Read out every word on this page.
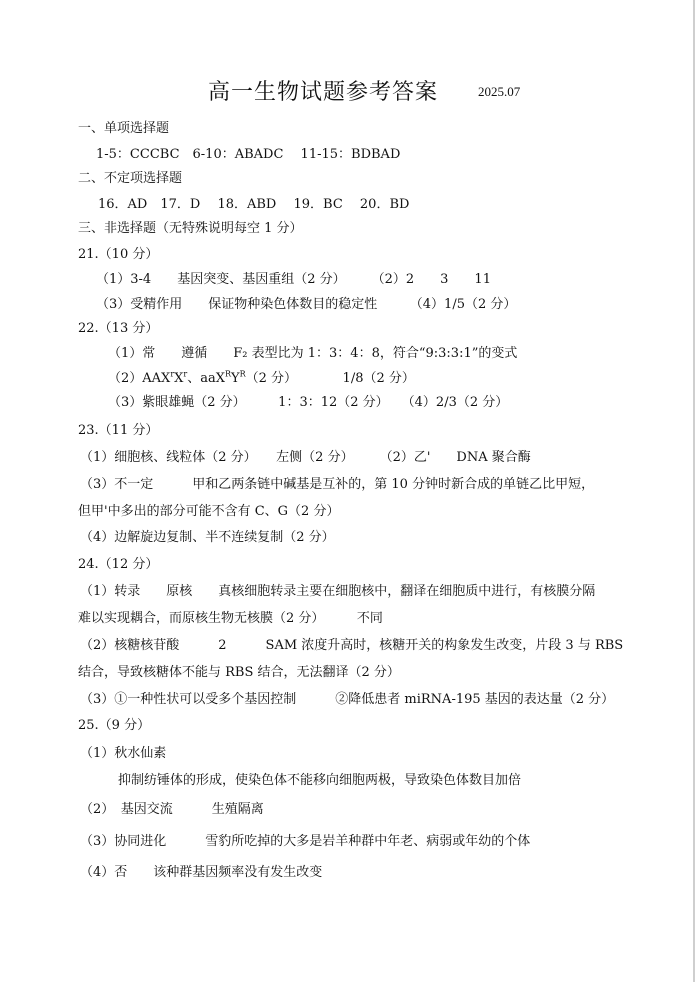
高一生物试题参考答案	2025.07
一、单项选择题
1-5：CCCBC　6-10：ABADC　 11-15：BDBAD
二、不定项选择题
16．AD　17．D　 18．ABD　 19．BC　 20．BD
三、非选择题（无特殊说明每空 1 分）
21.（10 分）
（1）3-4　　基因突变、基因重组（2 分）　　　（2）2　　3　　11
（3）受精作用　　保证物种染色体数目的稳定性　　　（4）1/5（2 分）
22.（13 分）
（1）常　　遵循　　F₂ 表型比为 1：3：4：8，符合“9:3:3:1”的变式
$(2)AAX^rX^r$、$aaX^RY^R(2$ 分）　　　　1/8（2 分）
（3）紫眼雄蝇（2 分）　　　1：3：12（2 分）　　（4）2/3（2 分）
23.（11 分）
（1）细胞核、线粒体（2 分）　　左侧（2 分）　　　（2）乙'　　DNA 聚合酶
（3）不一定　　　甲和乙两条链中碱基是互补的，第 10 分钟时新合成的单链乙比甲短，
但甲'中多出的部分可能不含有 C、G（2 分）
（4）边解旋边复制、半不连续复制（2 分）
24.（12 分）
（1）转录　　原核　　真核细胞转录主要在细胞核中，翻译在细胞质中进行，有核膜分隔
难以实现耦合，而原核生物无核膜（2 分）　　　不同
（2）核糖核苷酸　　　2　　　SAM 浓度升高时，核糖开关的构象发生改变，片段 3 与 RBS
结合，导致核糖体不能与 RBS 结合，无法翻译（2 分）
（3）①一种性状可以受多个基因控制　　　②降低患者 miRNA-195 基因的表达量（2 分）
25.（9 分）
（1）秋水仙素
抑制纺锤体的形成，使染色体不能移向细胞两极，导致染色体数目加倍
（2）　基因交流　　　生殖隔离
（3）协同进化　　　雪豹所吃掉的大多是岩羊种群中年老、病弱或年幼的个体
（4）否　　该种群基因频率没有发生改变
